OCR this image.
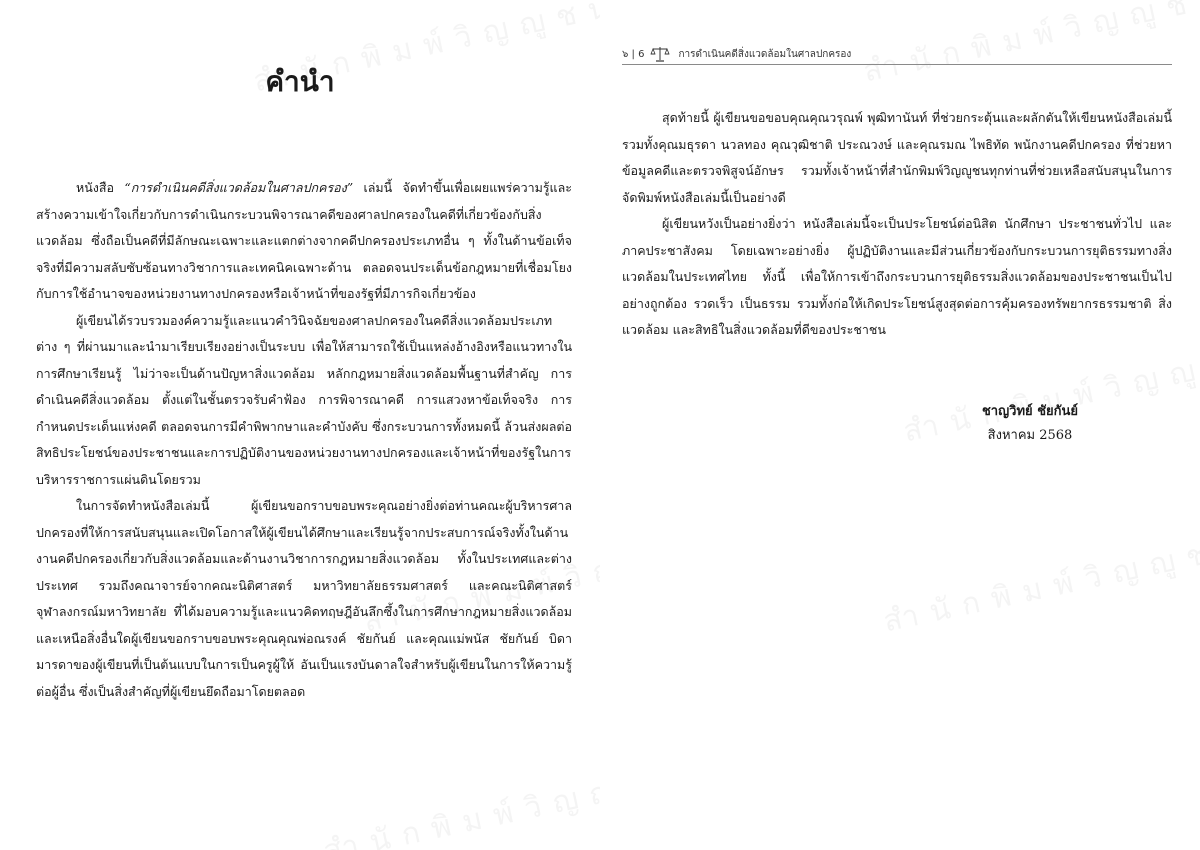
คำนำ

หนังสือ “การดำเนินคดีสิ่งแวดล้อมในศาลปกครอง” เล่มนี้ จัดทำขึ้นเพื่อเผยแพร่ความรู้และสร้างความเข้าใจเกี่ยวกับการดำเนินกระบวนพิจารณาคดีของศาลปกครองในคดีที่เกี่ยวข้องกับสิ่งแวดล้อม ซึ่งถือเป็นคดีที่มีลักษณะเฉพาะและแตกต่างจากคดีปกครองประเภทอื่น ๆ ทั้งในด้านข้อเท็จจริงที่มีความสลับซับซ้อนทางวิชาการและเทคนิคเฉพาะด้าน ตลอดจนประเด็นข้อกฎหมายที่เชื่อมโยงกับการใช้อำนาจของหน่วยงานทางปกครองหรือเจ้าหน้าที่ของรัฐที่มีภารกิจเกี่ยวข้อง

ผู้เขียนได้รวบรวมองค์ความรู้และแนวคำวินิจฉัยของศาลปกครองในคดีสิ่งแวดล้อมประเภทต่าง ๆ ที่ผ่านมาและนำมาเรียบเรียงอย่างเป็นระบบ เพื่อให้สามารถใช้เป็นแหล่งอ้างอิงหรือแนวทางในการศึกษาเรียนรู้ ไม่ว่าจะเป็นด้านปัญหาสิ่งแวดล้อม หลักกฎหมายสิ่งแวดล้อมพื้นฐานที่สำคัญ การดำเนินคดีสิ่งแวดล้อม ตั้งแต่ในชั้นตรวจรับคำฟ้อง การพิจารณาคดี การแสวงหาข้อเท็จจริง การกำหนดประเด็นแห่งคดี ตลอดจนการมีคำพิพากษาและคำบังคับ ซึ่งกระบวนการทั้งหมดนี้ ล้วนส่งผลต่อสิทธิประโยชน์ของประชาชนและการปฏิบัติงานของหน่วยงานทางปกครองและเจ้าหน้าที่ของรัฐในการบริหารราชการแผ่นดินโดยรวม

ในการจัดทำหนังสือเล่มนี้ ผู้เขียนขอกราบขอบพระคุณอย่างยิ่งต่อท่านคณะผู้บริหารศาลปกครองที่ให้การสนับสนุนและเปิดโอกาสให้ผู้เขียนได้ศึกษาและเรียนรู้จากประสบการณ์จริงทั้งในด้านงานคดีปกครองเกี่ยวกับสิ่งแวดล้อมและด้านงานวิชาการกฎหมายสิ่งแวดล้อม ทั้งในประเทศและต่างประเทศ รวมถึงคณาจารย์จากคณะนิติศาสตร์ มหาวิทยาลัยธรรมศาสตร์ และคณะนิติศาสตร์ จุฬาลงกรณ์มหาวิทยาลัย ที่ได้มอบความรู้และแนวคิดทฤษฎีอันลึกซึ้งในการศึกษากฎหมายสิ่งแวดล้อม และเหนือสิ่งอื่นใดผู้เขียนขอกราบขอบพระคุณคุณพ่อณรงค์ ชัยกันย์ และคุณแม่พนัส ชัยกันย์ บิดามารดาของผู้เขียนที่เป็นต้นแบบในการเป็นครูผู้ให้ อันเป็นแรงบันดาลใจสำหรับผู้เขียนในการให้ความรู้ต่อผู้อื่น ซึ่งเป็นสิ่งสำคัญที่ผู้เขียนยึดถือมาโดยตลอด

๖ | 6	การดำเนินคดีสิ่งแวดล้อมในศาลปกครอง

สุดท้ายนี้ ผู้เขียนขอขอบคุณคุณวรุณพ์ พุฒิทานันท์ ที่ช่วยกระตุ้นและผลักดันให้เขียนหนังสือเล่มนี้ รวมทั้งคุณมธุรดา นวลทอง คุณวุฒิชาติ ประณวงษ์ และคุณรมณ ไพธิทัด พนักงานคดีปกครอง ที่ช่วยหาข้อมูลคดีและตรวจพิสูจน์อักษร รวมทั้งเจ้าหน้าที่สำนักพิมพ์วิญญูชนทุกท่านที่ช่วยเหลือสนับสนุนในการจัดพิมพ์หนังสือเล่มนี้เป็นอย่างดี

ผู้เขียนหวังเป็นอย่างยิ่งว่า หนังสือเล่มนี้จะเป็นประโยชน์ต่อนิสิต นักศึกษา ประชาชนทั่วไป และภาคประชาสังคม โดยเฉพาะอย่างยิ่ง ผู้ปฏิบัติงานและมีส่วนเกี่ยวข้องกับกระบวนการยุติธรรมทางสิ่งแวดล้อมในประเทศไทย ทั้งนี้ เพื่อให้การเข้าถึงกระบวนการยุติธรรมสิ่งแวดล้อมของประชาชนเป็นไปอย่างถูกต้อง รวดเร็ว เป็นธรรม รวมทั้งก่อให้เกิดประโยชน์สูงสุดต่อการคุ้มครองทรัพยากรธรรมชาติ สิ่งแวดล้อม และสิทธิในสิ่งแวดล้อมที่ดีของประชาชน

ชาญวิทย์ ชัยกันย์
สิงหาคม 2568
